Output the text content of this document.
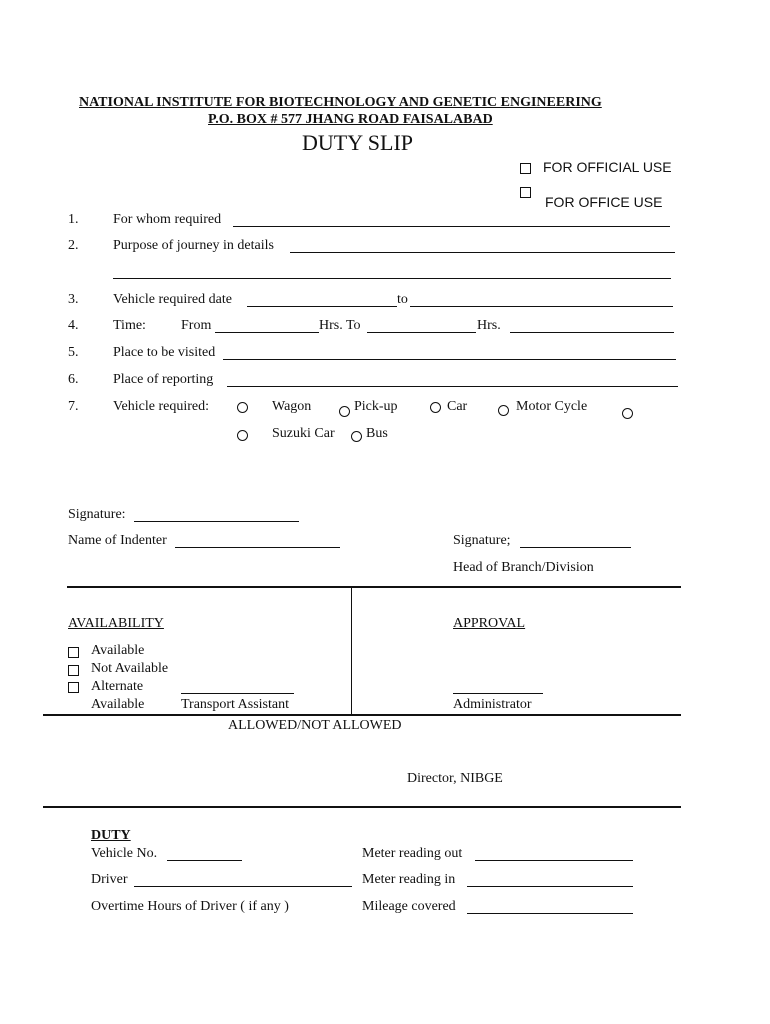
NATIONAL INSTITUTE FOR BIOTECHNOLOGY AND GENETIC ENGINEERING
P.O. BOX # 577 JHANG ROAD FAISALABAD
DUTY SLIP
FOR OFFICIAL USE
FOR OFFICE USE
1. For whom required
2. Purpose of journey in details
3. Vehicle required date	to
4. Time:	From	Hrs. To	Hrs.
5. Place to be visited
6. Place of reporting
7. Vehicle required:	Wagon	Pick-up	Car	Motor Cycle
Suzuki Car Bus
Signature:
Name of Indenter	Signature;
Head of Branch/Division
AVAILABILITY
Available
Not Available
Alternate
Available	Transport Assistant
APPROVAL
Administrator
ALLOWED/NOT ALLOWED
Director, NIBGE
DUTY
Vehicle No.	Meter reading out
Driver	Meter reading in
Overtime Hours of Driver ( if any )	Mileage covered
